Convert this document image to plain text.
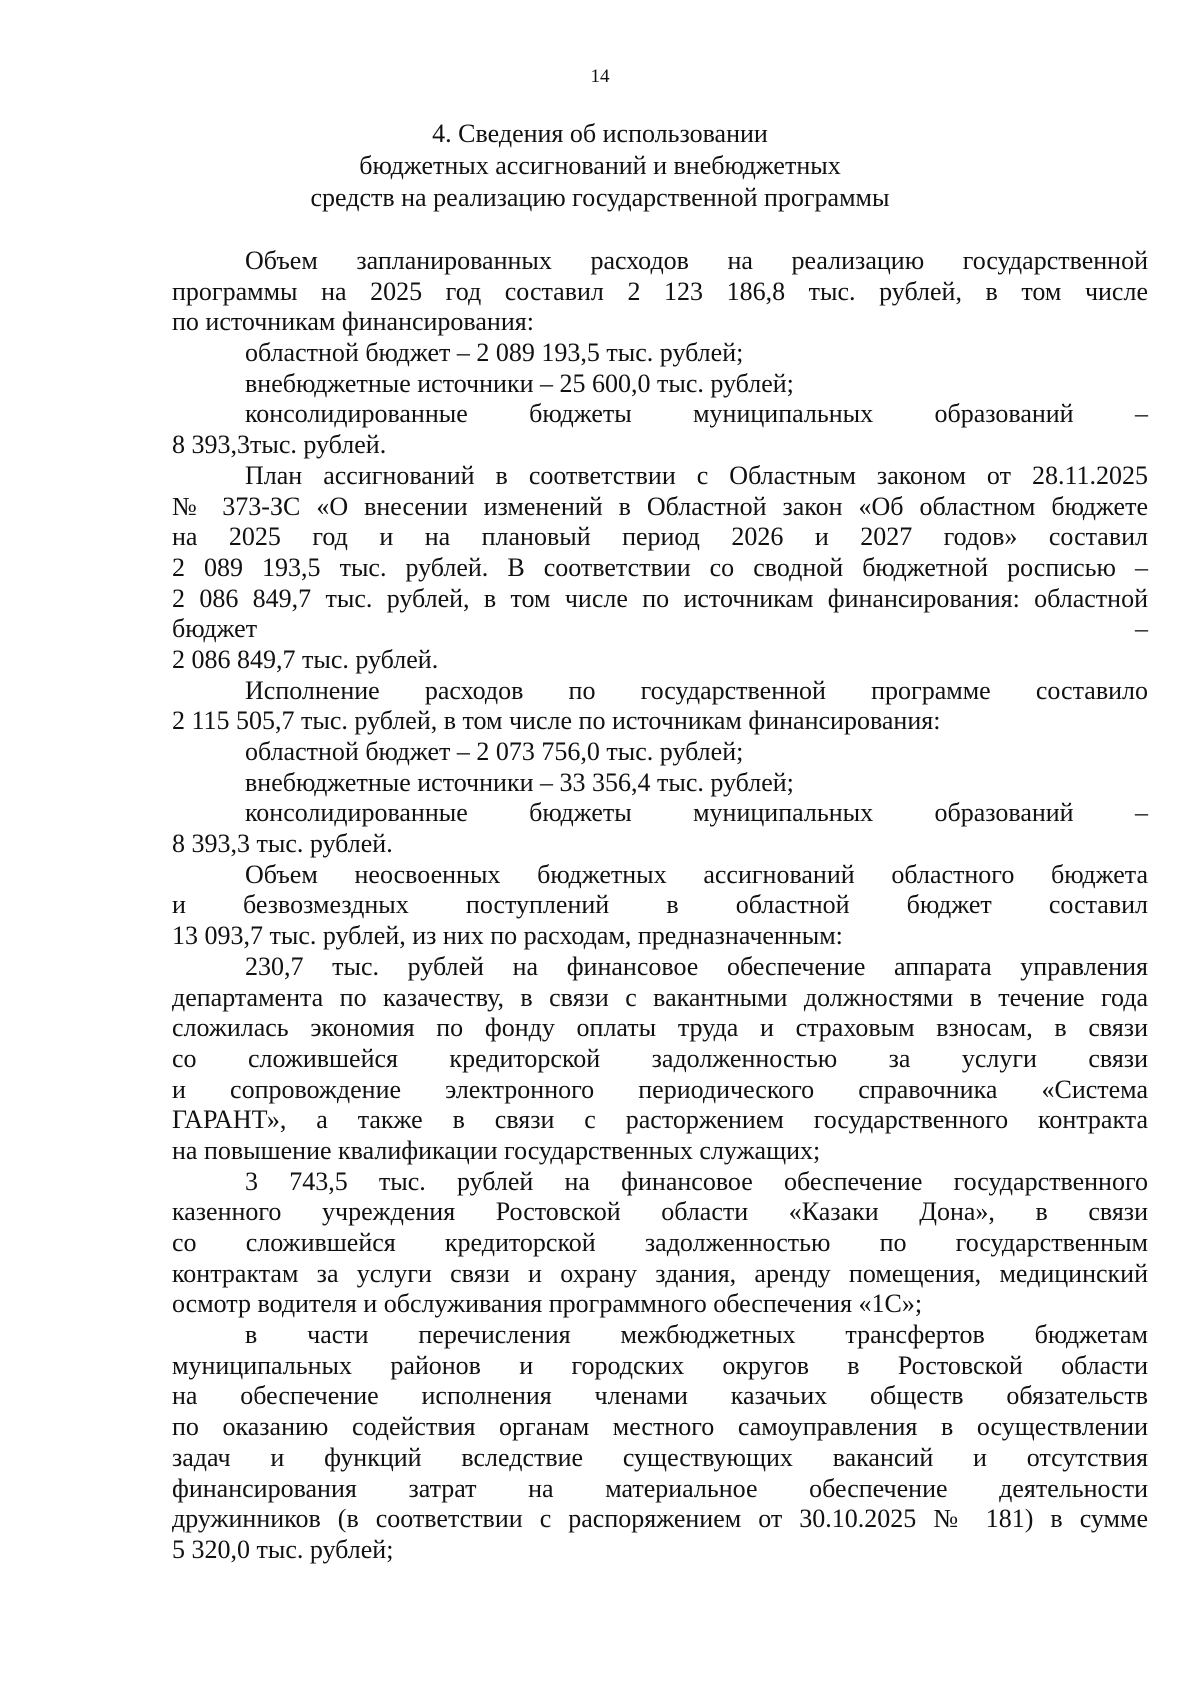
14
4. Сведения об использовании
бюджетных ассигнований и внебюджетных
средств на реализацию государственной программы
Объем запланированных расходов на реализацию государственной
программы на 2025 год составил 2 123 186,8 тыс. рублей, в том числе
по источникам финансирования:
областной бюджет – 2 089 193,5 тыс. рублей;
внебюджетные источники – 25 600,0 тыс. рублей;
консолидированные бюджеты муниципальных образований –
8 393,3тыс. рублей.
План ассигнований в соответствии с Областным законом от 28.11.2025
№ 373-ЗС «О внесении изменений в Областной закон «Об областном бюджете
на 2025 год и на плановый период 2026 и 2027 годов» составил
2 089 193,5 тыс. рублей. В соответствии со сводной бюджетной росписью –
2 086 849,7 тыс. рублей, в том числе по источникам финансирования: областной
бюджет –
2 086 849,7 тыс. рублей.
Исполнение расходов по государственной программе составило
2 115 505,7 тыс. рублей, в том числе по источникам финансирования:
областной бюджет – 2 073 756,0 тыс. рублей;
внебюджетные источники – 33 356,4 тыс. рублей;
консолидированные бюджеты муниципальных образований –
8 393,3 тыс. рублей.
Объем неосвоенных бюджетных ассигнований областного бюджета
и безвозмездных поступлений в областной бюджет составил
13 093,7 тыс. рублей, из них по расходам, предназначенным:
230,7 тыс. рублей на финансовое обеспечение аппарата управления
департамента по казачеству, в связи с вакантными должностями в течение года
сложилась экономия по фонду оплаты труда и страховым взносам, в связи
со сложившейся кредиторской задолженностью за услуги связи
и сопровождение электронного периодического справочника «Система
ГАРАНТ», а также в связи с расторжением государственного контракта
на повышение квалификации государственных служащих;
3 743,5 тыс. рублей на финансовое обеспечение государственного
казенного учреждения Ростовской области «Казаки Дона», в связи
со сложившейся кредиторской задолженностью по государственным
контрактам за услуги связи и охрану здания, аренду помещения, медицинский
осмотр водителя и обслуживания программного обеспечения «1С»;
в части перечисления межбюджетных трансфертов бюджетам
муниципальных районов и городских округов в Ростовской области
на обеспечение исполнения членами казачьих обществ обязательств
по оказанию содействия органам местного самоуправления в осуществлении
задач и функций вследствие существующих вакансий и отсутствия
финансирования затрат на материальное обеспечение деятельности
дружинников (в соответствии с распоряжением от 30.10.2025 № 181) в сумме
5 320,0 тыс. рублей;
